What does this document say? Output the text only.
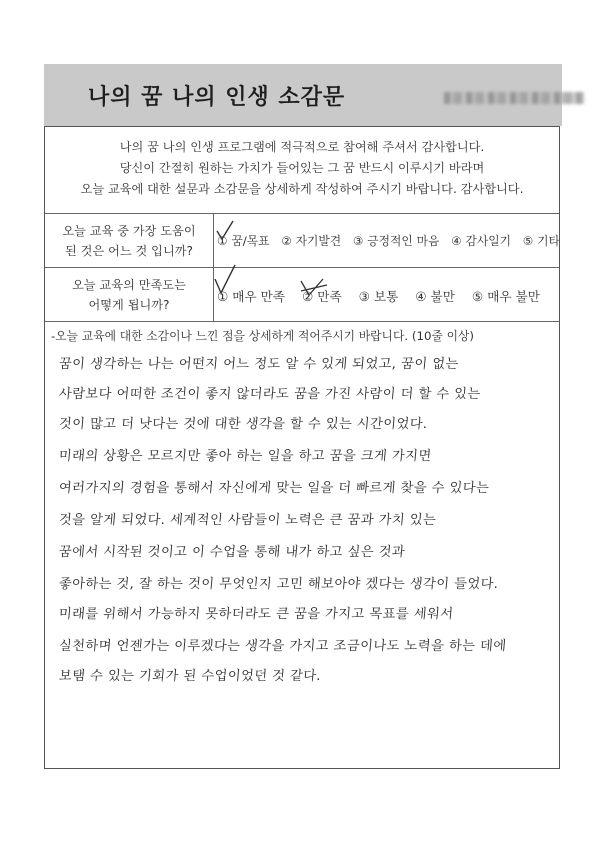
나의 꿈 나의 인생 소감문
나의 꿈 나의 인생 프로그램에 적극적으로 참여해 주셔서 감사합니다.
당신이 간절히 원하는 가치가 들어있는 그 꿈 반드시 이루시기 바라며
오늘 교육에 대한 설문과 소감문을 상세하게 작성하여 주시기 바랍니다. 감사합니다.
오늘 교육 중 가장 도움이
된 것은 어느 것 입니까?
① 꿈/목표 ② 자기발견 ③ 긍정적인 마음 ④ 감사일기 ⑤ 기타
오늘 교육의 만족도는
어떻게 됩니까?
① 매우 만족 ② 만족 ③ 보통 ④ 불만 ⑤ 매우 불만
-오늘 교육에 대한 소감이나 느낀 점을 상세하게 적어주시기 바랍니다. (10줄 이상)
꿈이 생각하는 나는 어떤지 어느 정도 알 수 있게 되었고, 꿈이 없는
사람보다 어떠한 조건이 좋지 않더라도 꿈을 가진 사람이 더 할 수 있는
것이 많고 더 낫다는 것에 대한 생각을 할 수 있는 시간이었다.
미래의 상황은 모르지만 좋아 하는 일을 하고 꿈을 크게 가지면
여러가지의 경험을 통해서 자신에게 맞는 일을 더 빠르게 찾을 수 있다는
것을 알게 되었다. 세계적인 사람들이 노력은 큰 꿈과 가치 있는
꿈에서 시작된 것이고 이 수업을 통해 내가 하고 싶은 것과
좋아하는 것, 잘 하는 것이 무엇인지 고민 해보아야 겠다는 생각이 들었다.
미래를 위해서 가능하지 못하더라도 큰 꿈을 가지고 목표를 세워서
실천하며 언젠가는 이루겠다는 생각을 가지고 조금이나도 노력을 하는 데에
보탬 수 있는 기회가 된 수업이었던 것 같다.
